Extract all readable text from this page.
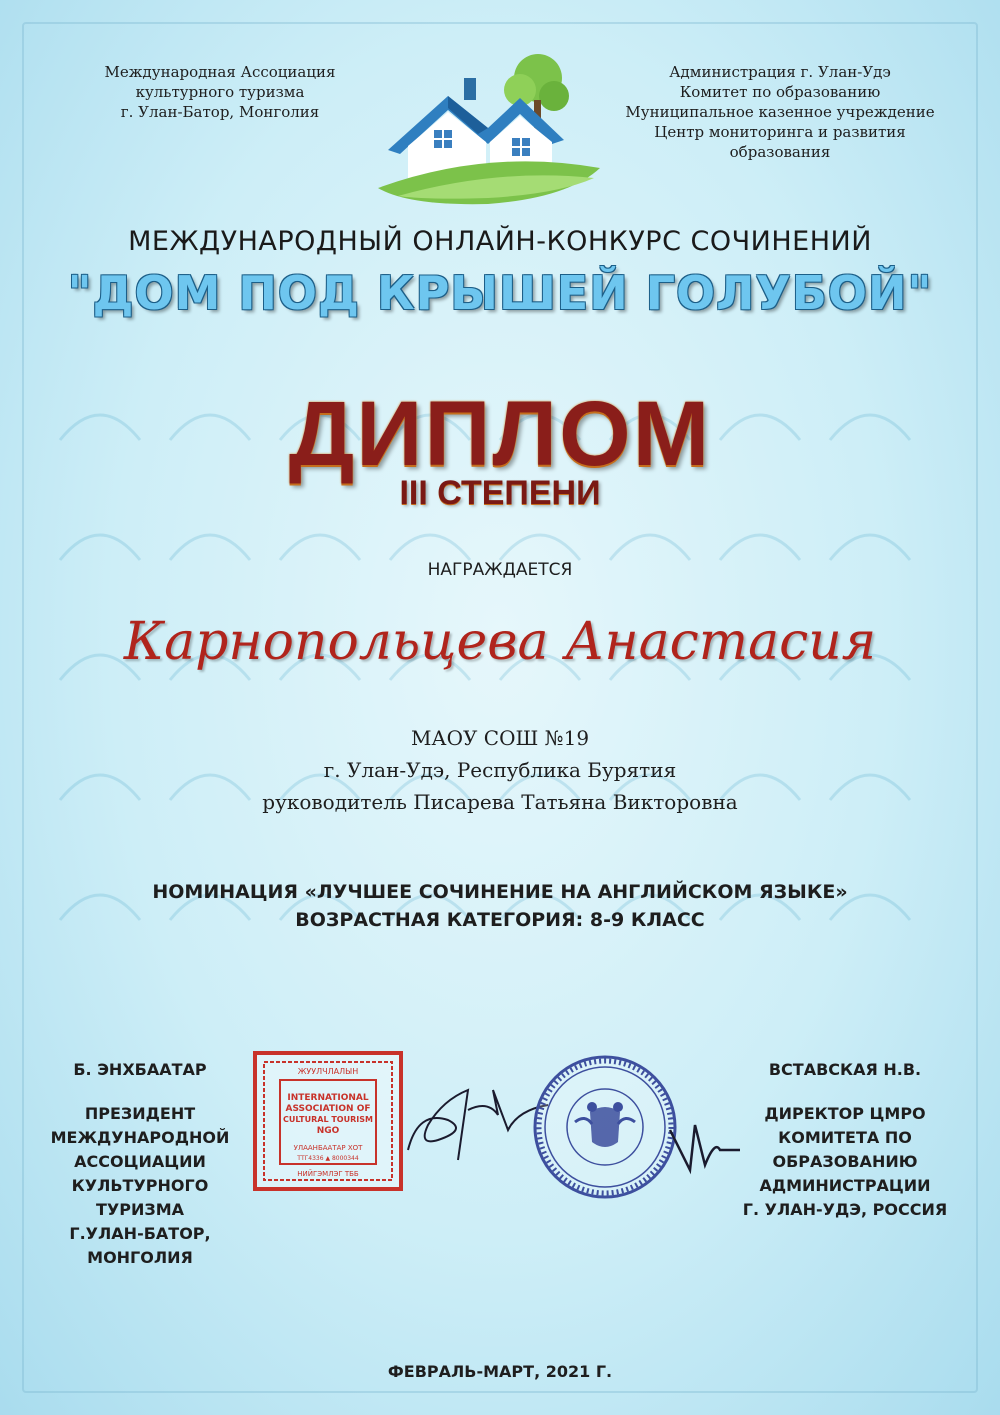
Международная Ассоциация
культурного туризма
г. Улан-Батор, Монголия
Администрация г. Улан-Удэ
Комитет по образованию
Муниципальное казенное учреждение
Центр мониторинга и развития
образования
МЕЖДУНАРОДНЫЙ ОНЛАЙН-КОНКУРС СОЧИНЕНИЙ
"ДОМ ПОД КРЫШЕЙ ГОЛУБОЙ"
ДИПЛОМ
III СТЕПЕНИ
НАГРАЖДАЕТСЯ
Карнопольцева Анастасия
МАОУ СОШ №19
г. Улан-Удэ, Республика Бурятия
руководитель Писарева Татьяна Викторовна
НОМИНАЦИЯ «ЛУЧШЕЕ СОЧИНЕНИЕ НА АНГЛИЙСКОМ ЯЗЫКЕ»
ВОЗРАСТНАЯ КАТЕГОРИЯ: 8-9 КЛАСС
Б. ЭНХБААТАР
ПРЕЗИДЕНТ
МЕЖДУНАРОДНОЙ
АССОЦИАЦИИ
КУЛЬТУРНОГО
ТУРИЗМА
Г.УЛАН-БАТОР,
МОНГОЛИЯ
ЖУУЛЧЛАЛЫН
INTERNATIONAL
ASSOCIATION OF
CULTURAL TOURISM
NGO
УЛААНБААТАР ХОТ
ТТГ4336 ▲ 8000344
НИЙГЭМЛЭГ ТББ
ВСТАВСКАЯ Н.В.
ДИРЕКТОР ЦМРО
КОМИТЕТА ПО
ОБРАЗОВАНИЮ
АДМИНИСТРАЦИИ
Г. УЛАН-УДЭ, РОССИЯ
ФЕВРАЛЬ-МАРТ, 2021 Г.
